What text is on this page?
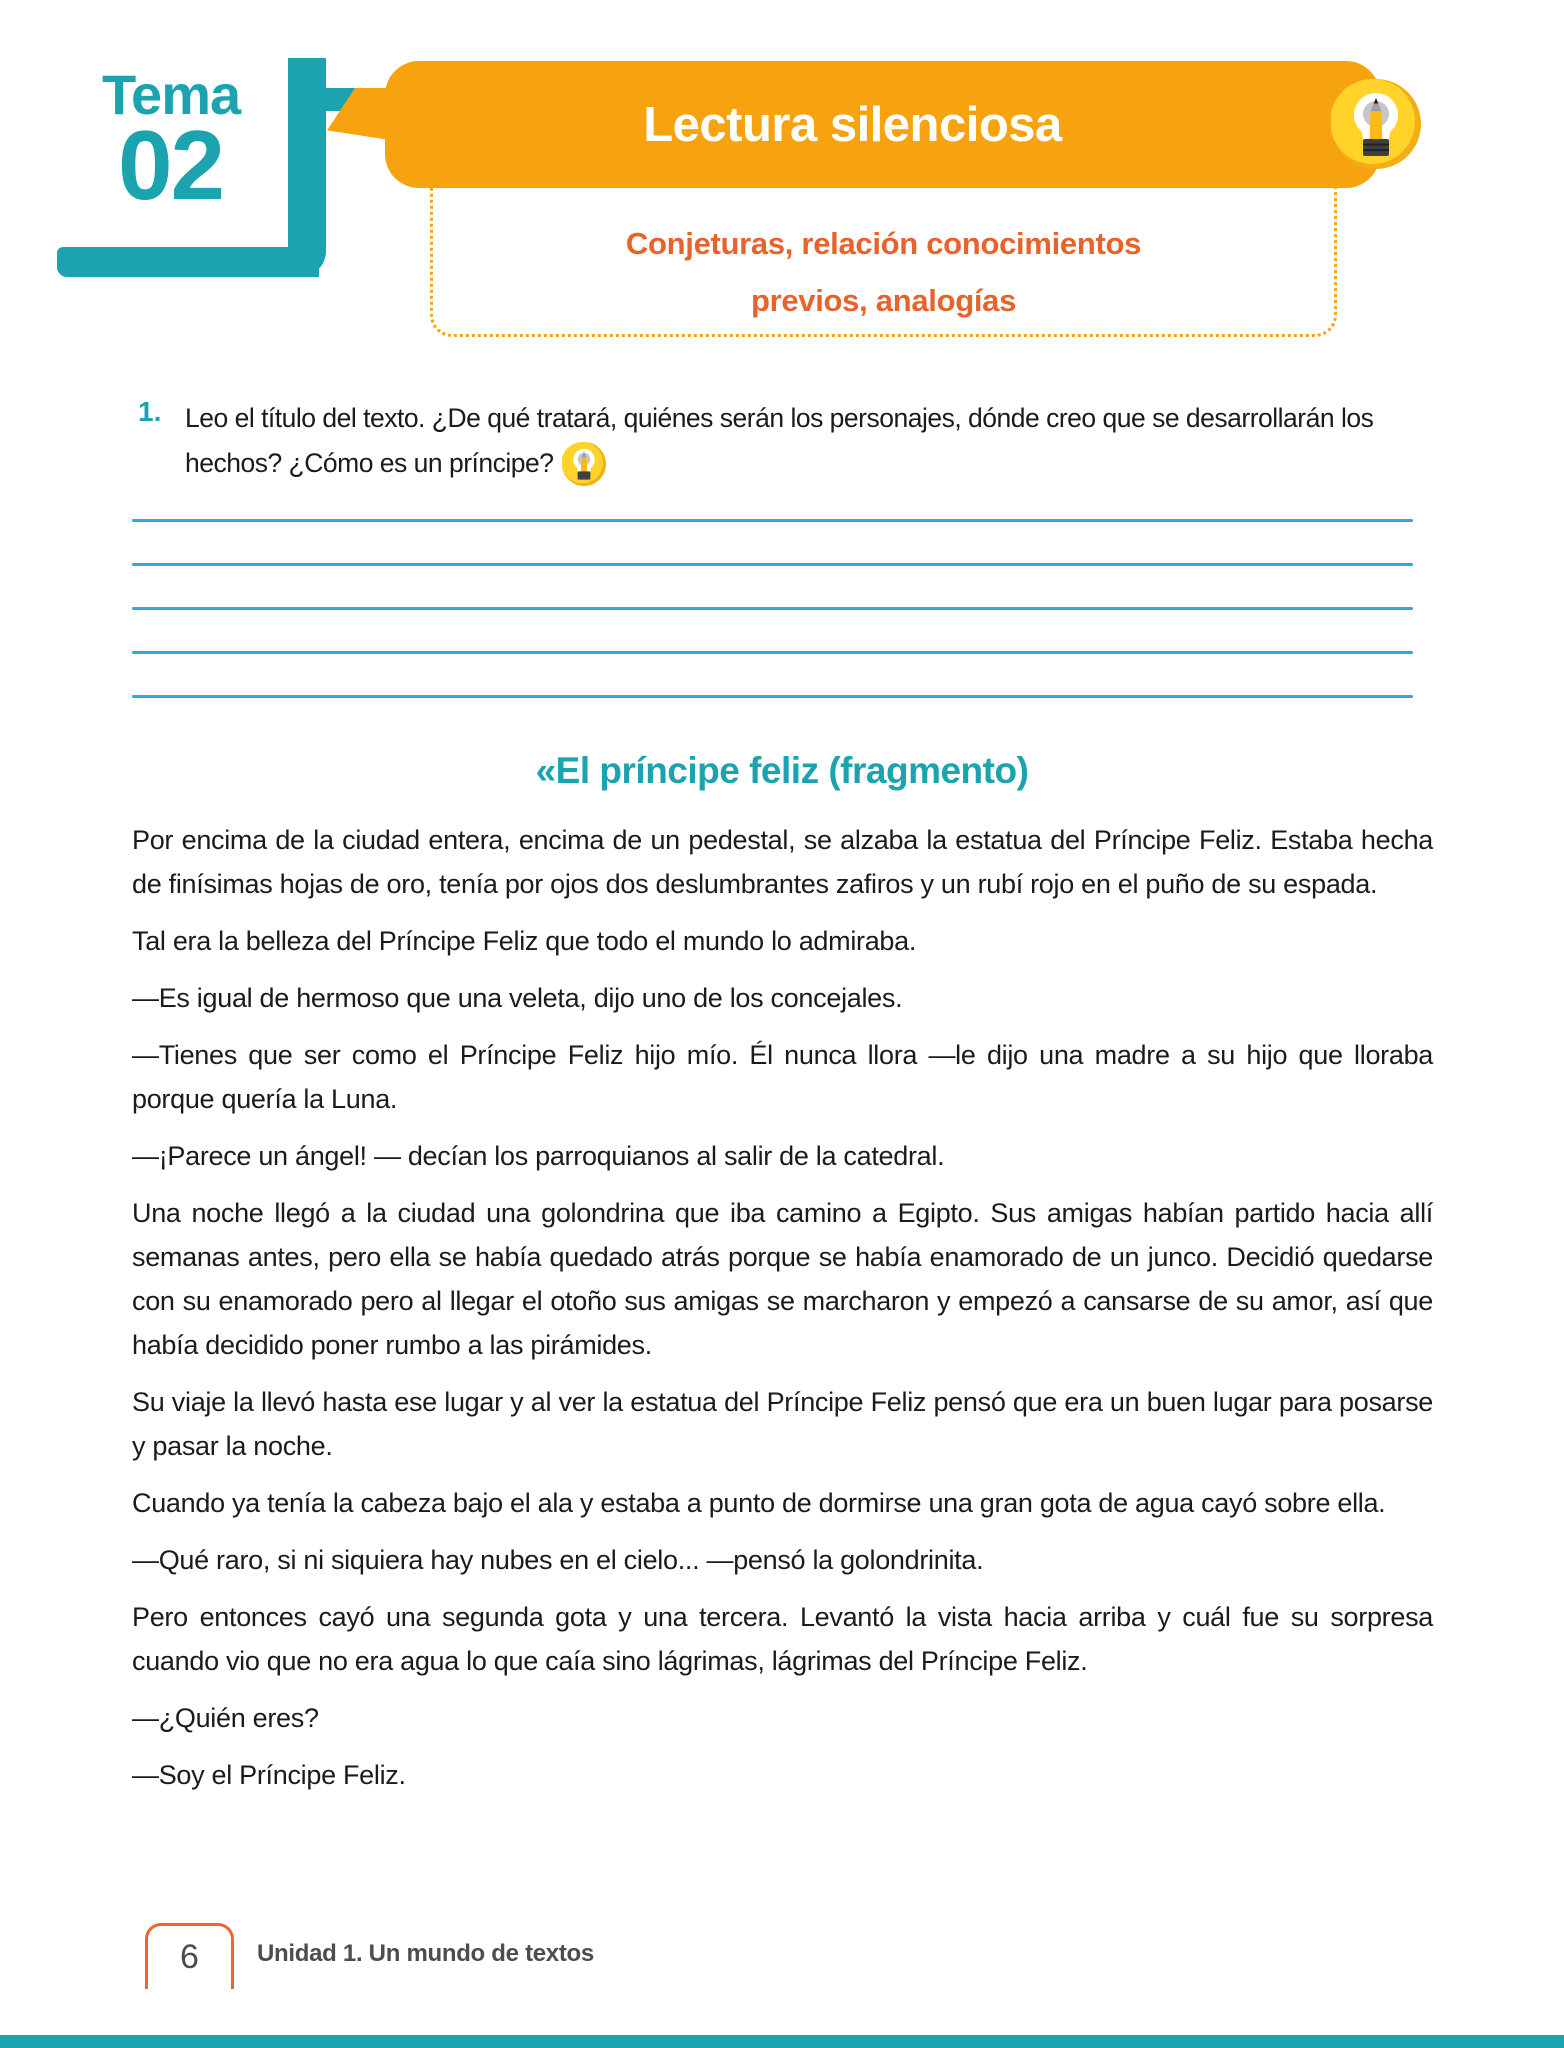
Tema
02
Conjeturas, relación conocimientos previos, analogías
Lectura silenciosa
1. Leo el título del texto. ¿De qué tratará, quiénes serán los personajes, dónde creo que se desarrollarán los hechos? ¿Cómo es un príncipe?
«El príncipe feliz (fragmento)

Por encima de la ciudad entera, encima de un pedestal, se alzaba la estatua del Príncipe Feliz. Estaba hecha de finísimas hojas de oro, tenía por ojos dos deslumbrantes zafiros y un rubí rojo en el puño de su espada.

Tal era la belleza del Príncipe Feliz que todo el mundo lo admiraba.

—Es igual de hermoso que una veleta, dijo uno de los concejales.

—Tienes que ser como el Príncipe Feliz hijo mío. Él nunca llora —le dijo una madre a su hijo que lloraba porque quería la Luna.

—¡Parece un ángel! — decían los parroquianos al salir de la catedral.

Una noche llegó a la ciudad una golondrina que iba camino a Egipto. Sus amigas habían partido hacia allí semanas antes, pero ella se había quedado atrás porque se había enamorado de un junco. Decidió quedarse con su enamorado pero al llegar el otoño sus amigas se marcharon y empezó a cansarse de su amor, así que había decidido poner rumbo a las pirámides.

Su viaje la llevó hasta ese lugar y al ver la estatua del Príncipe Feliz pensó que era un buen lugar para posarse y pasar la noche.

Cuando ya tenía la cabeza bajo el ala y estaba a punto de dormirse una gran gota de agua cayó sobre ella.

—Qué raro, si ni siquiera hay nubes en el cielo... —pensó la golondrinita.

Pero entonces cayó una segunda gota y una tercera. Levantó la vista hacia arriba y cuál fue su sorpresa cuando vio que no era agua lo que caía sino lágrimas, lágrimas del Príncipe Feliz.

—¿Quién eres?

—Soy el Príncipe Feliz.

6 Unidad 1. Un mundo de textos
